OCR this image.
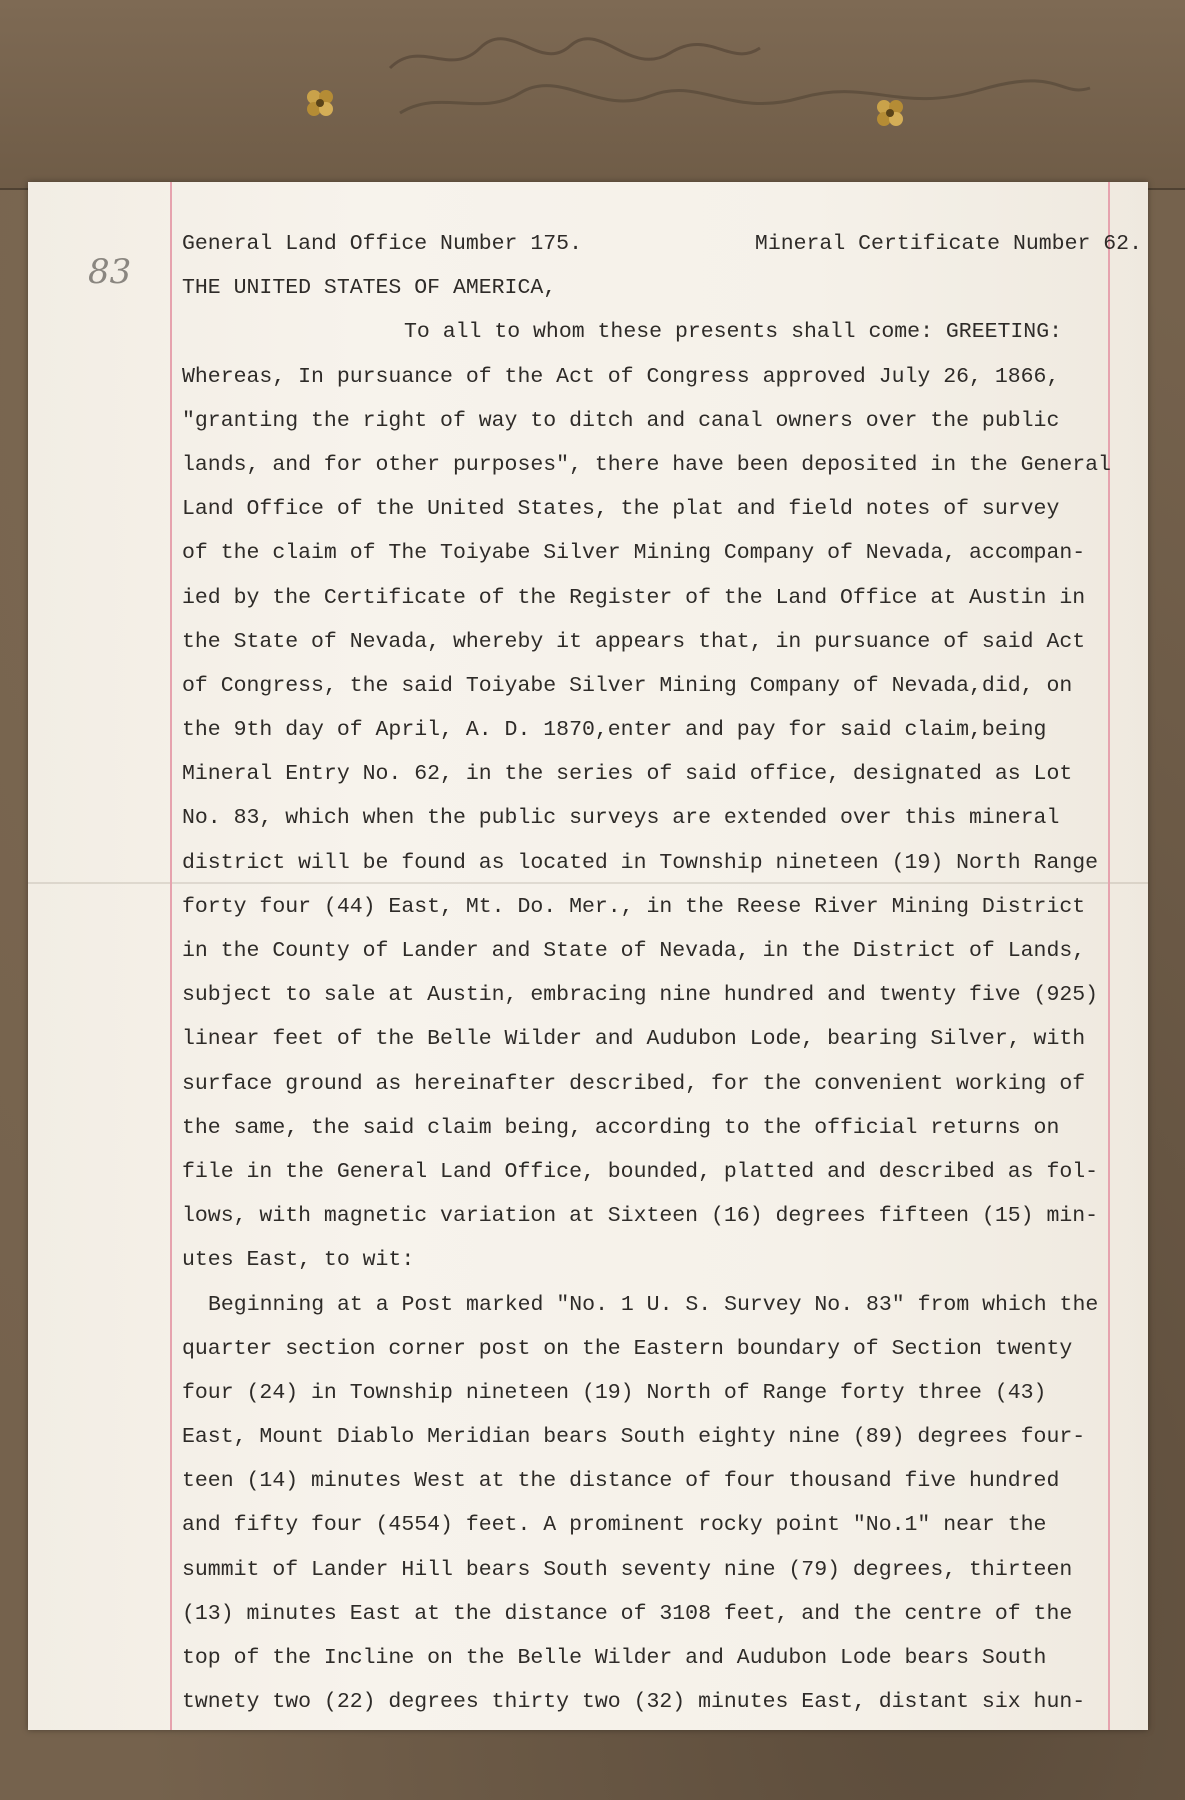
83
General Land Office Number 175.	Mineral Certificate Number 62.
THE UNITED STATES OF AMERICA,
To all to whom these presents shall come: GREETING:
Whereas, In pursuance of the Act of Congress approved July 26, 1866,
"granting the right of way to ditch and canal owners over the public
lands, and for other purposes", there have been deposited in the General
Land Office of the United States, the plat and field notes of survey
of the claim of The Toiyabe Silver Mining Company of Nevada, accompan-
ied by the Certificate of the Register of the Land Office at Austin in
the State of Nevada, whereby it appears that, in pursuance of said Act
of Congress, the said Toiyabe Silver Mining Company of Nevada,did, on
the 9th day of April, A. D. 1870,enter and pay for said claim,being
Mineral Entry No. 62, in the series of said office, designated as Lot
No. 83, which when the public surveys are extended over this mineral
district will be found as located in Township nineteen (19) North Range
forty four (44) East, Mt. Do. Mer., in the Reese River Mining District
in the County of Lander and State of Nevada, in the District of Lands,
subject to sale at Austin, embracing nine hundred and twenty five (925)
linear feet of the Belle Wilder and Audubon Lode, bearing Silver, with
surface ground as hereinafter described, for the convenient working of
the same, the said claim being, according to the official returns on
file in the General Land Office, bounded, platted and described as fol-
lows, with magnetic variation at Sixteen (16) degrees fifteen (15) min-
utes East, to wit:
Beginning at a Post marked "No. 1 U. S. Survey No. 83" from which the
quarter section corner post on the Eastern boundary of Section twenty
four (24) in Township nineteen (19) North of Range forty three (43)
East, Mount Diablo Meridian bears South eighty nine (89) degrees four-
teen (14) minutes West at the distance of four thousand five hundred
and fifty four (4554) feet. A prominent rocky point "No.1" near the
summit of Lander Hill bears South seventy nine (79) degrees, thirteen
(13) minutes East at the distance of 3108 feet, and the centre of the
top of the Incline on the Belle Wilder and Audubon Lode bears South
twnety two (22) degrees thirty two (32) minutes East, distant six hun-
